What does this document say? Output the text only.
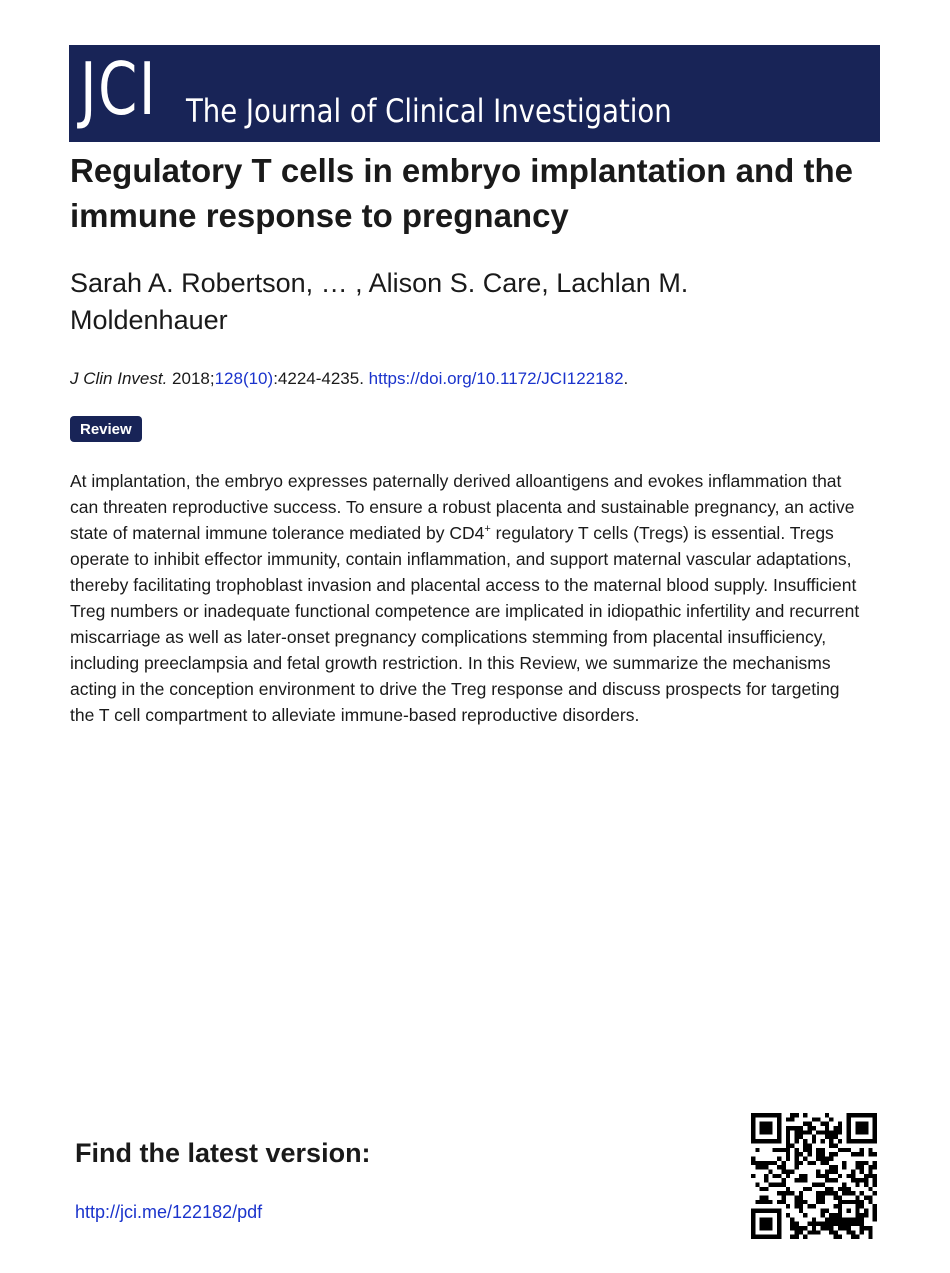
JCI The Journal of Clinical Investigation
Regulatory T cells in embryo implantation and the immune response to pregnancy

Sarah A. Robertson, … , Alison S. Care, Lachlan M. Moldenhauer

J Clin Invest. 2018;128(10):4224-4235. https://doi.org/10.1172/JCI122182.

Review

At implantation, the embryo expresses paternally derived alloantigens and evokes inflammation that can threaten reproductive success. To ensure a robust placenta and sustainable pregnancy, an active state of maternal immune tolerance mediated by CD4+ regulatory T cells (Tregs) is essential. Tregs operate to inhibit effector immunity, contain inflammation, and support maternal vascular adaptations, thereby facilitating trophoblast invasion and placental access to the maternal blood supply. Insufficient Treg numbers or inadequate functional competence are implicated in idiopathic infertility and recurrent miscarriage as well as later-onset pregnancy complications stemming from placental insufficiency, including preeclampsia and fetal growth restriction. In this Review, we summarize the mechanisms acting in the conception environment to drive the Treg response and discuss prospects for targeting the T cell compartment to alleviate immune-based reproductive disorders.

Find the latest version:
http://jci.me/122182/pdf
